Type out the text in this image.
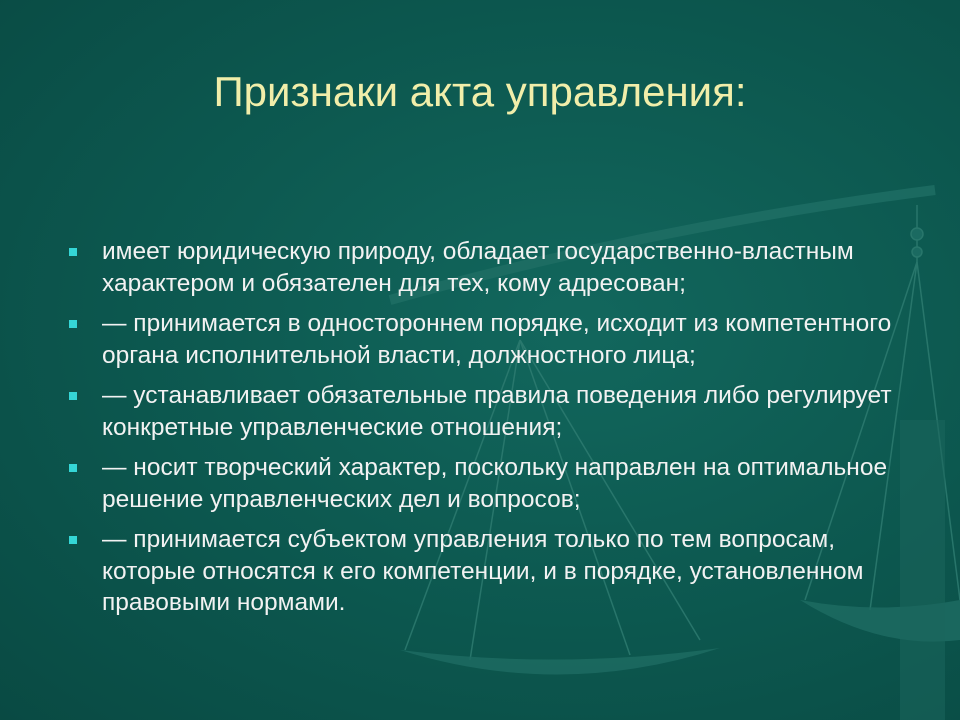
Признаки акта управления:
имеет юридическую природу, обладает государственно-властным характером и обязателен для тех, кому адресован;
— принимается в одностороннем порядке, исходит из компетентного органа исполнительной власти, должностного лица;
— устанавливает обязательные правила поведения либо регулирует конкретные управленческие отношения;
— носит творческий характер, поскольку направлен на оптимальное решение управленческих дел и вопросов;
— принимается субъектом управления только по тем вопросам, которые относятся к его компетенции, и в порядке, установленном правовыми нормами.
